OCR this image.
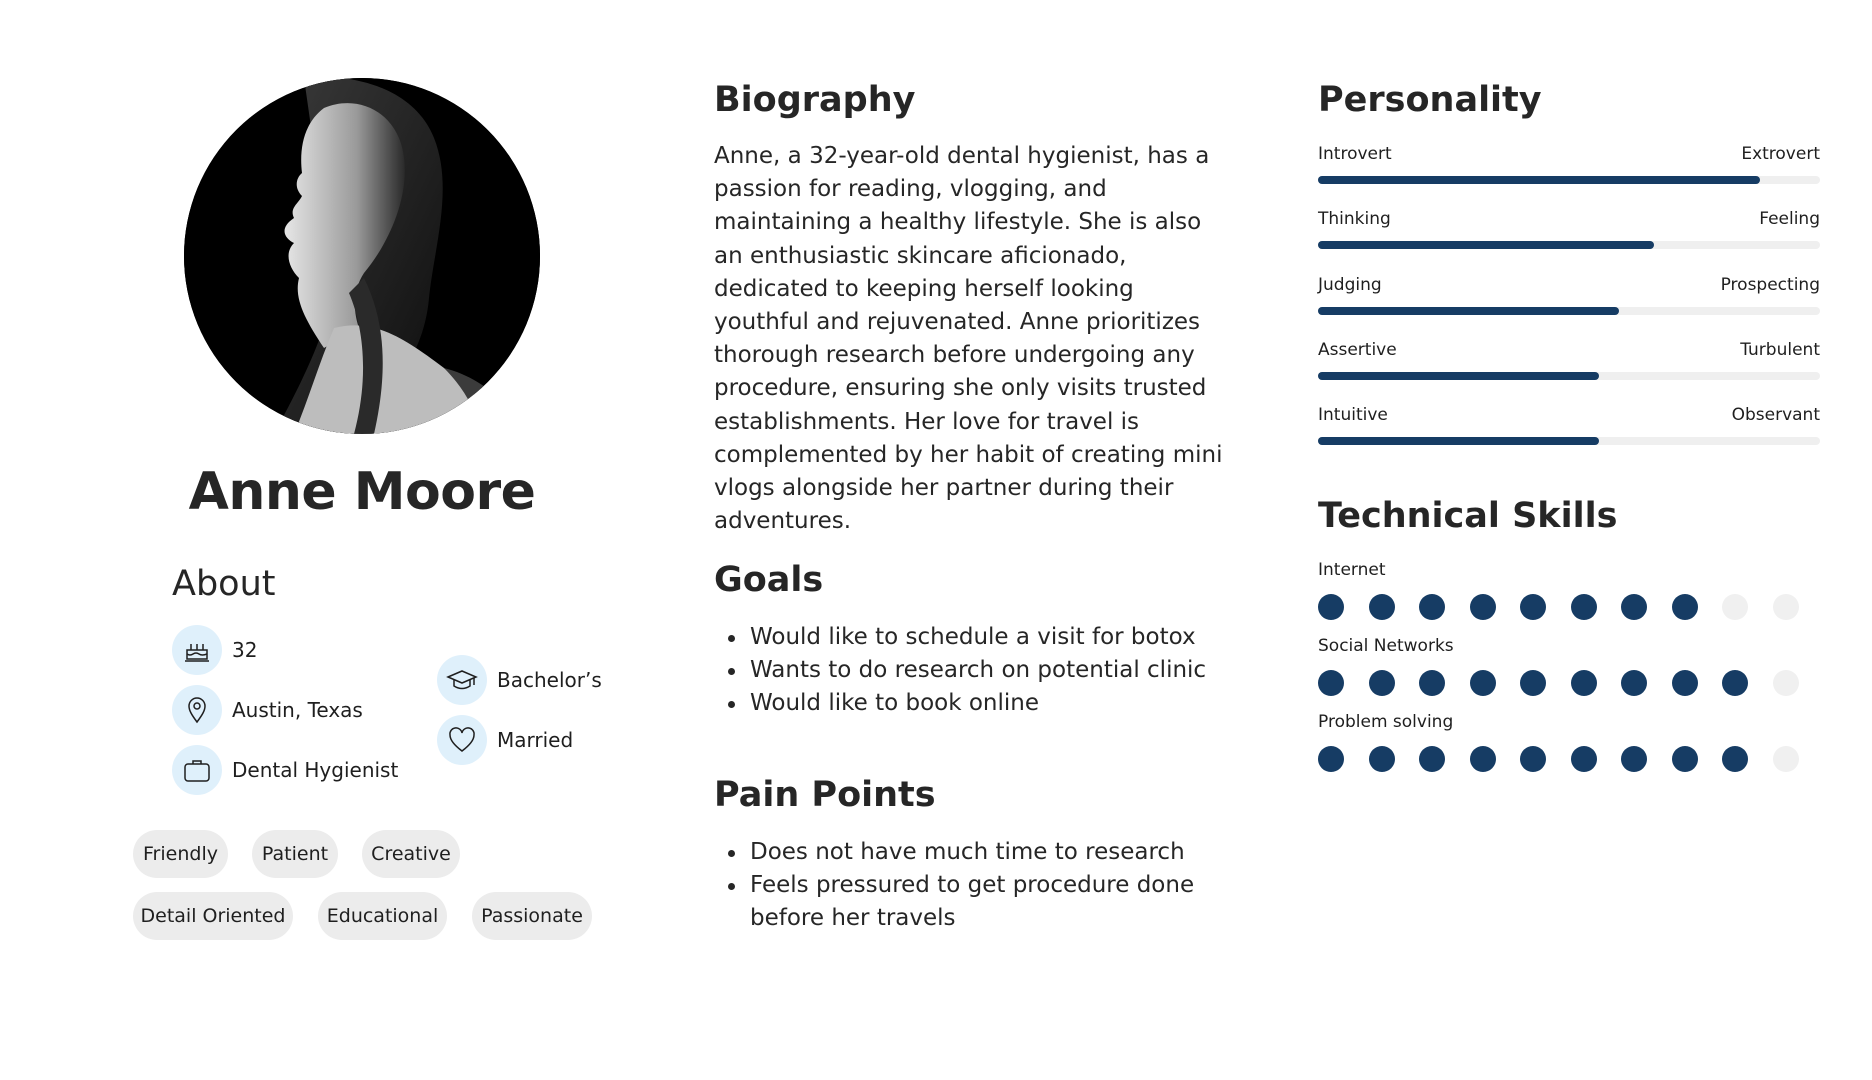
Anne Moore
About
32
Austin, Texas
Dental Hygienist
Bachelor’s
Married
Friendly	Patient	Creative
Detail Oriented	Educational	Passionate
Biography
Anne, a 32-year-old dental hygienist, has a passion for reading, vlogging, and maintaining a healthy lifestyle. She is also an enthusiastic skincare aficionado, dedicated to keeping herself looking youthful and rejuvenated. Anne prioritizes thorough research before undergoing any procedure, ensuring she only visits trusted establishments. Her love for travel is complemented by her habit of creating mini vlogs alongside her partner during their adventures.
Goals
Would like to schedule a visit for botox
Wants to do research on potential clinic
Would like to book online
Pain Points
Does not have much time to research
Feels pressured to get procedure done before her travels
Personality
Introvert	Extrovert
Thinking	Feeling
Judging	Prospecting
Assertive	Turbulent
Intuitive	Observant
Technical Skills
Internet
Social Networks
Problem solving
